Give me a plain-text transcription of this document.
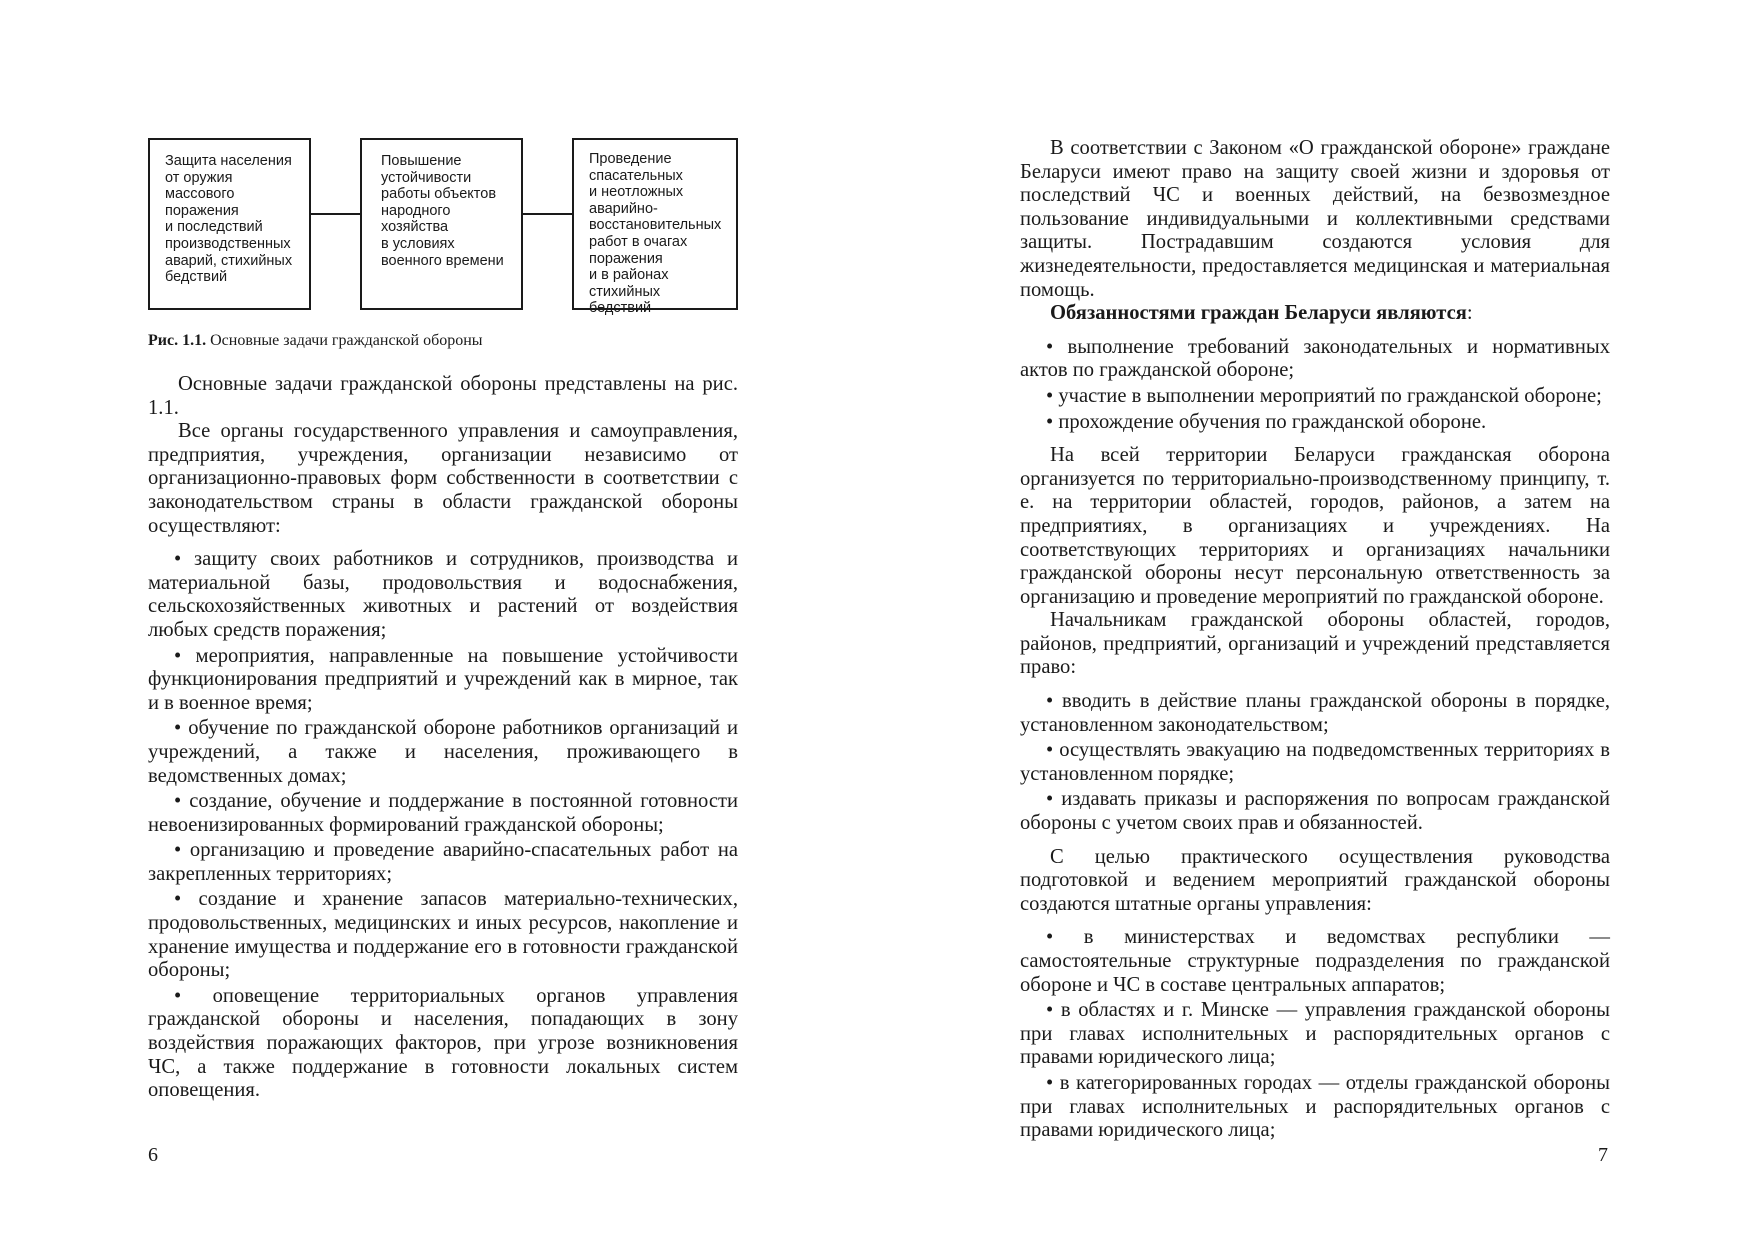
Защита населения
от оружия
массового
поражения
и последствий
производственных
аварий, стихийных
бедствий
Повышение
устойчивости
работы объектов
народного
хозяйства
в условиях
военного времени
Проведение
спасательных
и неотложных
аварийно-
восстановительных
работ в очагах
поражения
и в районах
стихийных бедствий
Рис. 1.1. Основные задачи гражданской обороны

Основные задачи гражданской обороны представлены на рис. 1.1.

Все органы государственного управления и самоуправления, предприятия, учреждения, организации независимо от организационно-правовых форм собственности в соответствии с законодательством страны в области гражданской обороны осуществляют:

• защиту своих работников и сотрудников, производства и материальной базы, продовольствия и водоснабжения, сельскохозяйственных животных и растений от воздействия любых средств поражения;

• мероприятия, направленные на повышение устойчивости функционирования предприятий и учреждений как в мирное, так и в военное время;

• обучение по гражданской обороне работников организаций и учреждений, а также и населения, проживающего в ведомственных домах;

• создание, обучение и поддержание в постоянной готовности невоенизированных формирований гражданской обороны;

• организацию и проведение аварийно-спасательных работ на закрепленных территориях;

• создание и хранение запасов материально-технических, продовольственных, медицинских и иных ресурсов, накопление и хранение имущества и поддержание его в готовности гражданской обороны;

• оповещение территориальных органов управления гражданской обороны и населения, попадающих в зону воздействия поражающих факторов, при угрозе возникновения ЧС, а также поддержание в готовности локальных систем оповещения.

6

В соответствии с Законом «О гражданской обороне» граждане Беларуси имеют право на защиту своей жизни и здоровья от последствий ЧС и военных действий, на безвозмездное пользование индивидуальными и коллективными средствами защиты. Пострадавшим создаются условия для жизнедеятельности, предоставляется медицинская и материальная помощь.

Обязанностями граждан Беларуси являются:

• выполнение требований законодательных и нормативных актов по гражданской обороне;

• участие в выполнении мероприятий по гражданской обороне;

• прохождение обучения по гражданской обороне.

На всей территории Беларуси гражданская оборона организуется по территориально-производственному принципу, т. е. на территории областей, городов, районов, а затем на предприятиях, в организациях и учреждениях. На соответствующих территориях и организациях начальники гражданской обороны несут персональную ответственность за организацию и проведение мероприятий по гражданской обороне.

Начальникам гражданской обороны областей, городов, районов, предприятий, организаций и учреждений представляется право:

• вводить в действие планы гражданской обороны в порядке, установленном законодательством;

• осуществлять эвакуацию на подведомственных территориях в установленном порядке;

• издавать приказы и распоряжения по вопросам гражданской обороны с учетом своих прав и обязанностей.

С целью практического осуществления руководства подготовкой и ведением мероприятий гражданской обороны создаются штатные органы управления:

• в министерствах и ведомствах республики — самостоятельные структурные подразделения по гражданской обороне и ЧС в составе центральных аппаратов;

• в областях и г. Минске — управления гражданской обороны при главах исполнительных и распорядительных органов с правами юридического лица;

• в категорированных городах — отделы гражданской обороны при главах исполнительных и распорядительных органов с правами юридического лица;

7
